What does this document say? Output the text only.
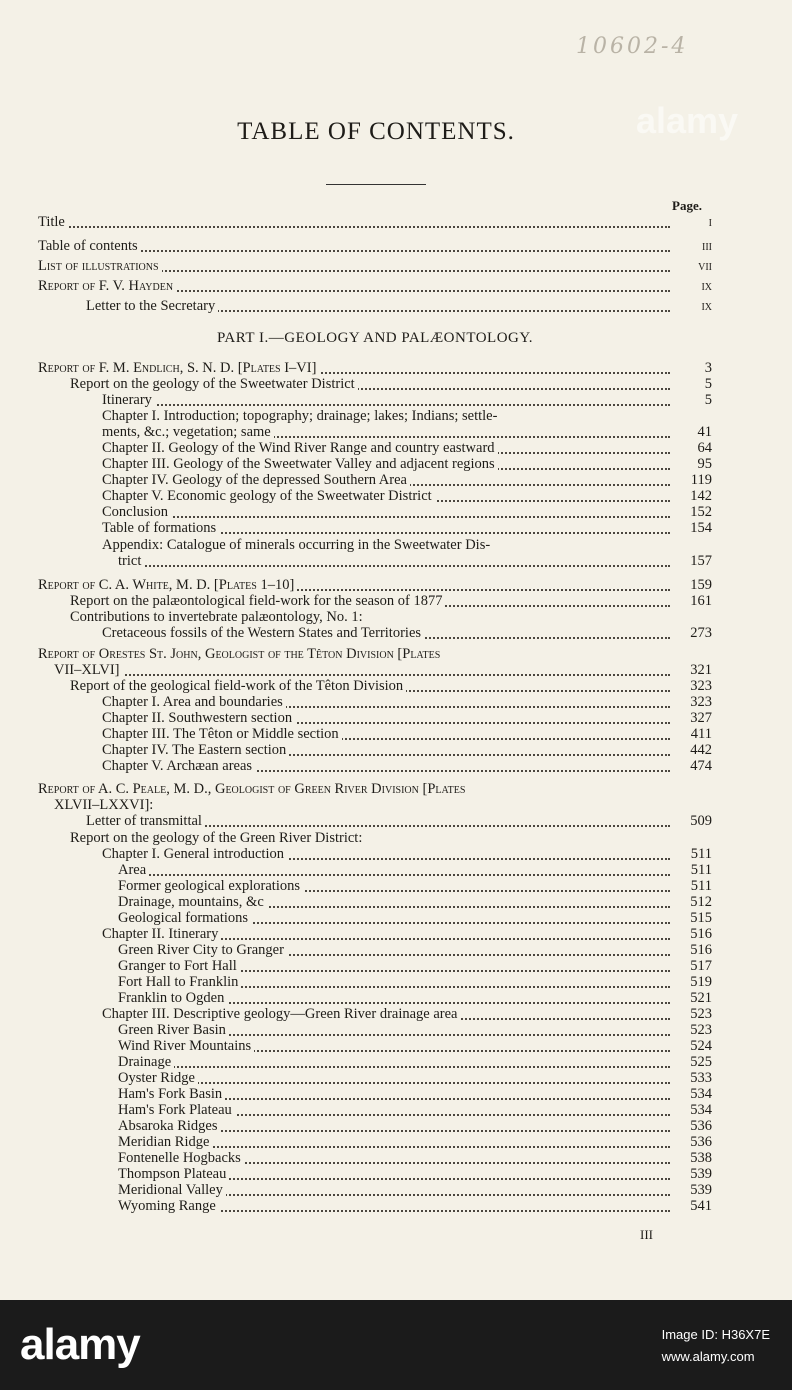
10602-4
alamy
TABLE OF CONTENTS.
Page.
PART I.—GEOLOGY AND PALÆONTOLOGY.
Title	i
Table of contents	iii
List of illustrations	vii
Report of F. V. Hayden	ix
Letter to the Secretary	ix
Report of F. M. Endlich, S. N. D. [Plates I–VI]	3
Report on the geology of the Sweetwater District	5
Itinerary	5
Chapter I. Introduction; topography; drainage; lakes; Indians; settle-
ments, &c.; vegetation; same	41
Chapter II. Geology of the Wind River Range and country eastward	64
Chapter III. Geology of the Sweetwater Valley and adjacent regions	95
Chapter IV. Geology of the depressed Southern Area	119
Chapter V. Economic geology of the Sweetwater District	142
Conclusion	152
Table of formations	154
Appendix: Catalogue of minerals occurring in the Sweetwater Dis-
trict	157
Report of C. A. White, M. D. [Plates 1–10]	159
Report on the palæontological field-work for the season of 1877	161
Contributions to invertebrate palæontology, No. 1:
Cretaceous fossils of the Western States and Territories	273
Report of Orestes St. John, Geologist of the Têton Division [Plates
VII–XLVI]	321
Report of the geological field-work of the Têton Division	323
Chapter I. Area and boundaries	323
Chapter II. Southwestern section	327
Chapter III. The Têton or Middle section	411
Chapter IV. The Eastern section	442
Chapter V. Archæan areas	474
Report of A. C. Peale, M. D., Geologist of Green River Division [Plates
XLVII–LXXVI]:
Letter of transmittal	509
Report on the geology of the Green River District:
Chapter I. General introduction	511
Area	511
Former geological explorations	511
Drainage, mountains, &c	512
Geological formations	515
Chapter II. Itinerary	516
Green River City to Granger	516
Granger to Fort Hall	517
Fort Hall to Franklin	519
Franklin to Ogden	521
Chapter III. Descriptive geology—Green River drainage area	523
Green River Basin	523
Wind River Mountains	524
Drainage	525
Oyster Ridge	533
Ham's Fork Basin	534
Ham's Fork Plateau	534
Absaroka Ridges	536
Meridian Ridge	536
Fontenelle Hogbacks	538
Thompson Plateau	539
Meridional Valley	539
Wyoming Range	541
III
alamy	Image ID: H36X7E
www.alamy.com
